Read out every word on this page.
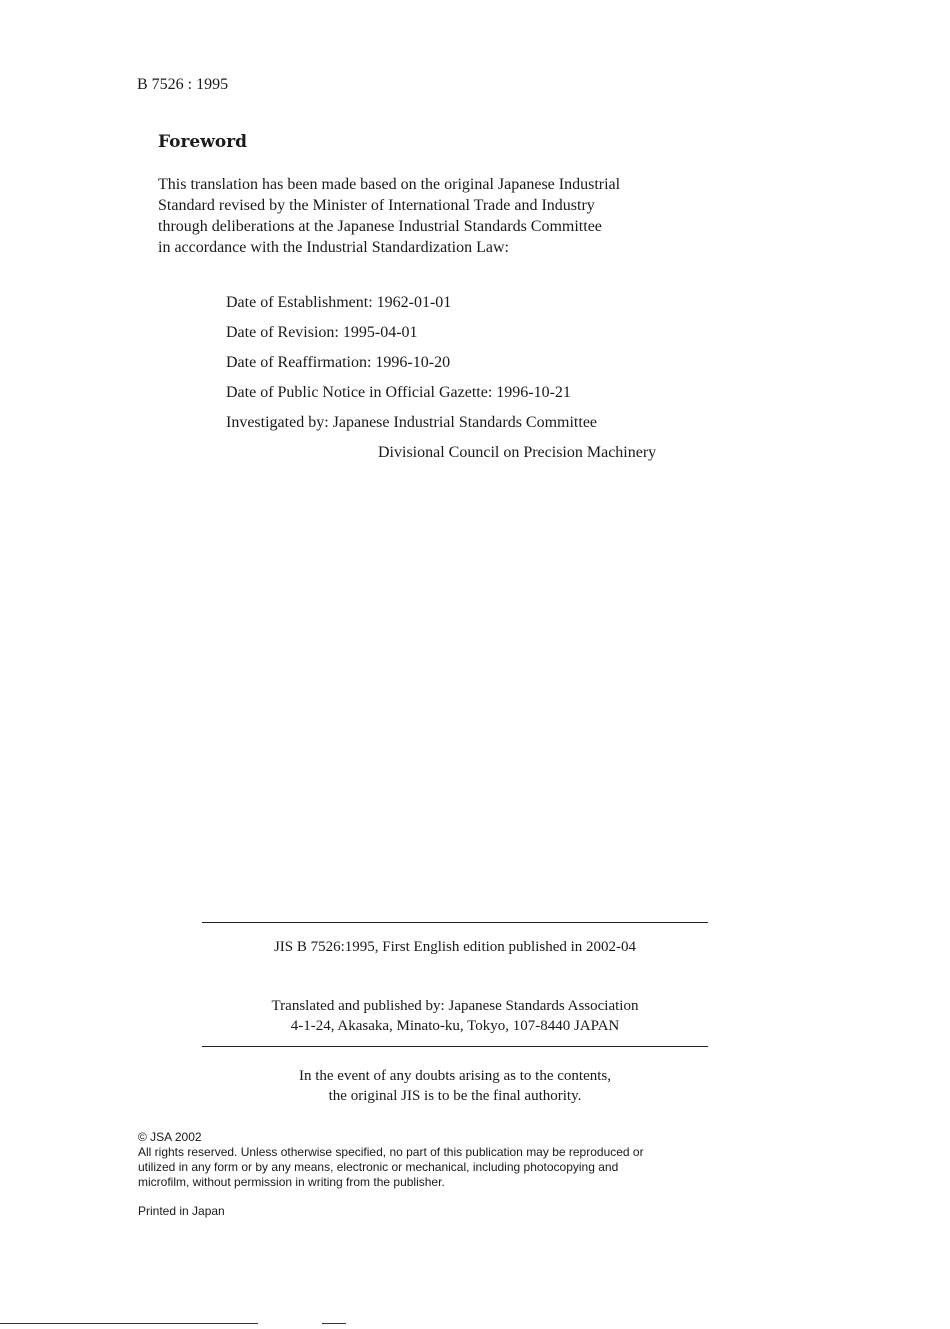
B 7526 : 1995
Foreword
This translation has been made based on the original Japanese Industrial
Standard revised by the Minister of International Trade and Industry
through deliberations at the Japanese Industrial Standards Committee
in accordance with the Industrial Standardization Law:
Date of Establishment: 1962-01-01
Date of Revision: 1995-04-01
Date of Reaffirmation: 1996-10-20
Date of Public Notice in Official Gazette: 1996-10-21
Investigated by: Japanese Industrial Standards Committee
Divisional Council on Precision Machinery
JIS B 7526:1995, First English edition published in 2002-04
Translated and published by: Japanese Standards Association
4-1-24, Akasaka, Minato-ku, Tokyo, 107-8440 JAPAN
In the event of any doubts arising as to the contents,
the original JIS is to be the final authority.
© JSA 2002
All rights reserved. Unless otherwise specified, no part of this publication may be reproduced or
utilized in any form or by any means, electronic or mechanical, including photocopying and
microfilm, without permission in writing from the publisher.
Printed in Japan
